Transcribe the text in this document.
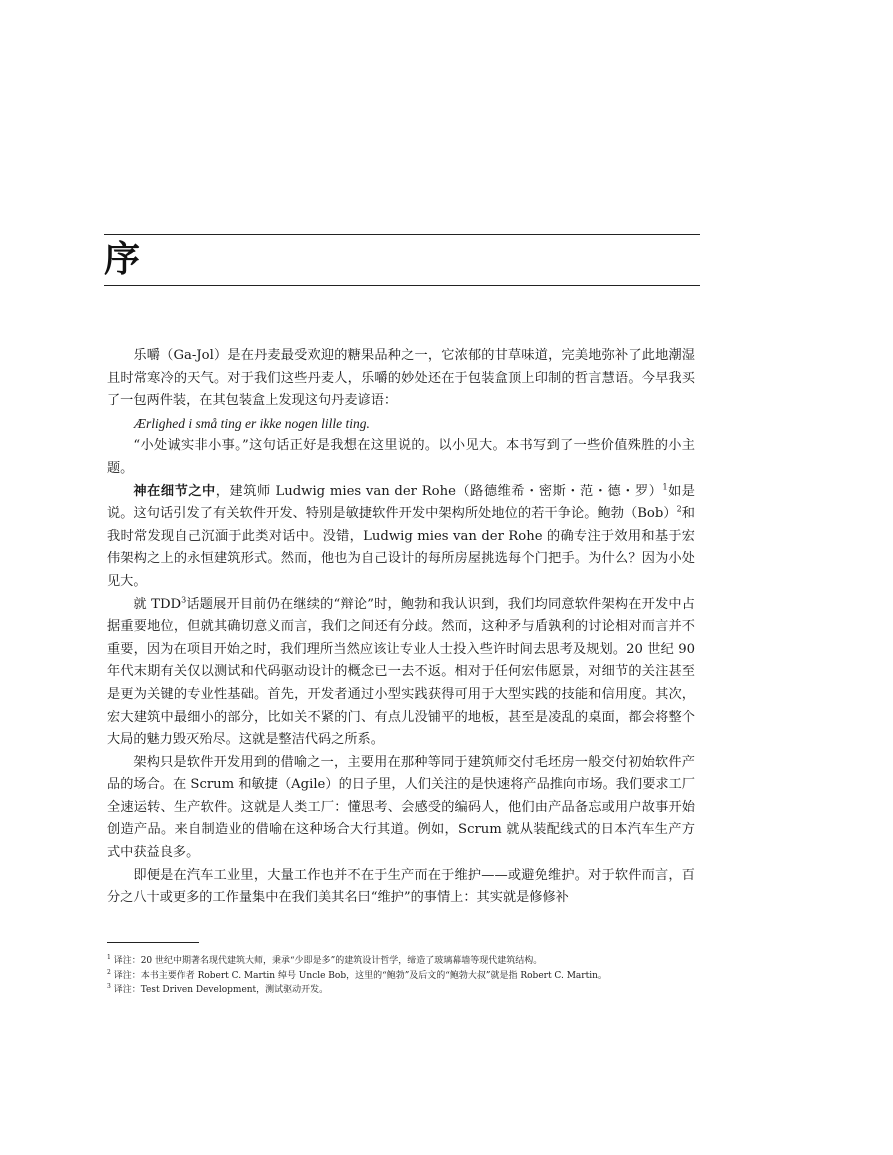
序

乐嚼（Ga-Jol）是在丹麦最受欢迎的糖果品种之一，它浓郁的甘草味道，完美地弥补了此地潮湿且时常寒冷的天气。对于我们这些丹麦人，乐嚼的妙处还在于包装盒顶上印制的哲言慧语。今早我买了一包两件装，在其包装盒上发现这句丹麦谚语：

Ærlighed i små ting er ikke nogen lille ting.

“小处诚实非小事。”这句话正好是我想在这里说的。以小见大。本书写到了一些价值殊胜的小主题。

神在细节之中，建筑师 Ludwig mies van der Rohe（路德维希・密斯・范・德・罗）$^1$如是说。这句话引发了有关软件开发、特别是敏捷软件开发中架构所处地位的若干争论。鲍勃（Bob）$^2$和我时常发现自己沉湎于此类对话中。没错，Ludwig mies van der Rohe 的确专注于效用和基于宏伟架构之上的永恒建筑形式。然而，他也为自己设计的每所房屋挑选每个门把手。为什么？因为小处见大。

就 TDD$^3$话题展开目前仍在继续的“辩论”时，鲍勃和我认识到，我们均同意软件架构在开发中占据重要地位，但就其确切意义而言，我们之间还有分歧。然而，这种矛与盾孰利的讨论相对而言并不重要，因为在项目开始之时，我们理所当然应该让专业人士投入些许时间去思考及规划。20 世纪 90 年代末期有关仅以测试和代码驱动设计的概念已一去不返。相对于任何宏伟愿景，对细节的关注甚至是更为关键的专业性基础。首先，开发者通过小型实践获得可用于大型实践的技能和信用度。其次，宏大建筑中最细小的部分，比如关不紧的门、有点儿没铺平的地板，甚至是凌乱的桌面，都会将整个大局的魅力毁灭殆尽。这就是整洁代码之所系。

架构只是软件开发用到的借喻之一，主要用在那种等同于建筑师交付毛坯房一般交付初始软件产品的场合。在 Scrum 和敏捷（Agile）的日子里，人们关注的是快速将产品推向市场。我们要求工厂全速运转、生产软件。这就是人类工厂：懂思考、会感受的编码人，他们由产品备忘或用户故事开始创造产品。来自制造业的借喻在这种场合大行其道。例如，Scrum 就从装配线式的日本汽车生产方式中获益良多。

即便是在汽车工业里，大量工作也并不在于生产而在于维护——或避免维护。对于软件而言，百分之八十或更多的工作量集中在我们美其名曰“维护”的事情上：其实就是修修补

$^1$ 译注：20 世纪中期著名现代建筑大师，秉承“少即是多”的建筑设计哲学，缔造了玻璃幕墙等现代建筑结构。
$^2$ 译注：本书主要作者 Robert C. Martin 绰号 Uncle Bob，这里的“鲍勃”及后文的“鲍勃大叔”就是指 Robert C. Martin。
$^3$ 译注：Test Driven Development，测试驱动开发。
